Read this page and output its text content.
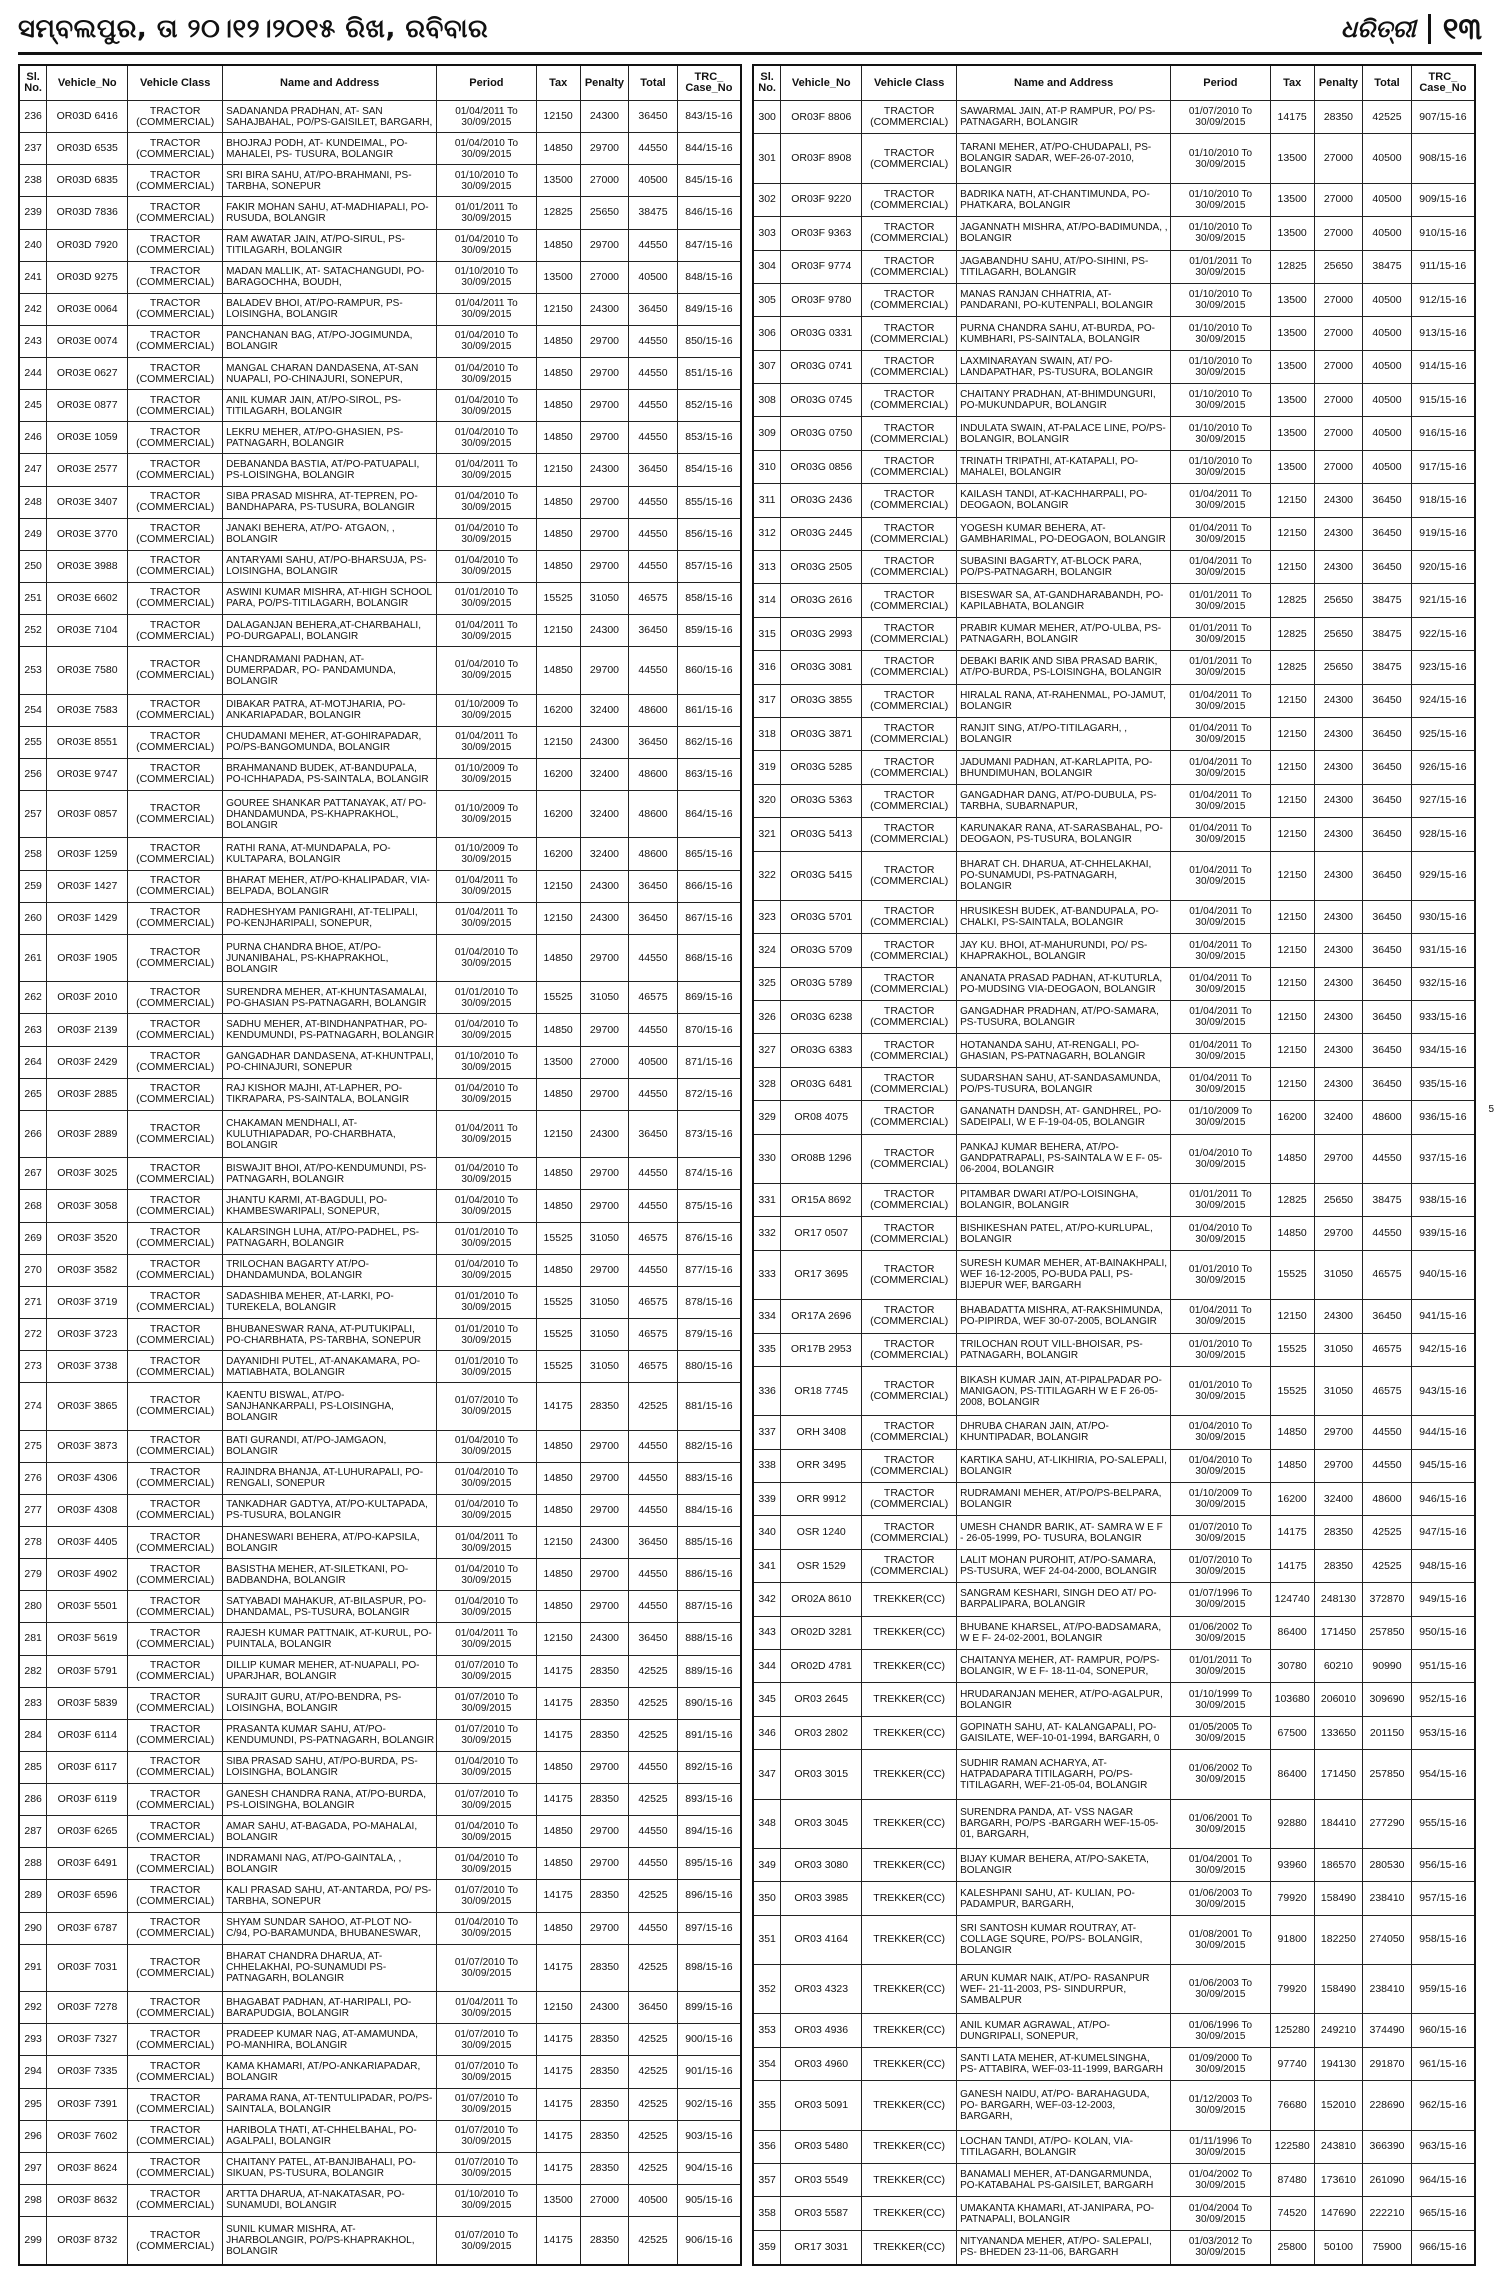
ସମ୍ବଲପୁର, ତା ୨୦।୧୨।୨୦୧୫ ରିଖ, ରବିବାର	ଧରିତ୍ରୀ ୧୩
Sl. No.	Vehicle_No	Vehicle Class	Name and Address	Period	Tax	Penalty	Total	TRC_ Case_No
236	OR03D 6416	TRACTOR (COMMERCIAL)	SADANANDA PRADHAN, AT- SAN SAHAJBAHAL, PO/PS-GAISILET, BARGARH,	01/04/2011 To 30/09/2015	12150	24300	36450	843/15-16
237	OR03D 6535	TRACTOR (COMMERCIAL)	BHOJRAJ PODH, AT- KUNDEIMAL, PO-MAHALEI, PS- TUSURA, BOLANGIR	01/04/2010 To 30/09/2015	14850	29700	44550	844/15-16
238	OR03D 6835	TRACTOR (COMMERCIAL)	SRI BIRA SAHU, AT/PO-BRAHMANI, PS-TARBHA, SONEPUR	01/10/2010 To 30/09/2015	13500	27000	40500	845/15-16
239	OR03D 7836	TRACTOR (COMMERCIAL)	FAKIR MOHAN SAHU, AT-MADHIAPALI, PO-RUSUDA, BOLANGIR	01/01/2011 To 30/09/2015	12825	25650	38475	846/15-16
240	OR03D 7920	TRACTOR (COMMERCIAL)	RAM AWATAR JAIN, AT/PO-SIRUL, PS-TITILAGARH, BOLANGIR	01/04/2010 To 30/09/2015	14850	29700	44550	847/15-16
241	OR03D 9275	TRACTOR (COMMERCIAL)	MADAN MALLIK, AT- SATACHANGUDI, PO- BARAGOCHHA, BOUDH,	01/10/2010 To 30/09/2015	13500	27000	40500	848/15-16
242	OR03E 0064	TRACTOR (COMMERCIAL)	BALADEV BHOI, AT/PO-RAMPUR, PS-LOISINGHA, BOLANGIR	01/04/2011 To 30/09/2015	12150	24300	36450	849/15-16
243	OR03E 0074	TRACTOR (COMMERCIAL)	PANCHANAN BAG, AT/PO-JOGIMUNDA, BOLANGIR	01/04/2010 To 30/09/2015	14850	29700	44550	850/15-16
244	OR03E 0627	TRACTOR (COMMERCIAL)	MANGAL CHARAN DANDASENA, AT-SAN NUAPALI, PO-CHINAJURI, SONEPUR,	01/04/2010 To 30/09/2015	14850	29700	44550	851/15-16
245	OR03E 0877	TRACTOR (COMMERCIAL)	ANIL KUMAR JAIN, AT/PO-SIROL, PS-TITILAGARH, BOLANGIR	01/04/2010 To 30/09/2015	14850	29700	44550	852/15-16
246	OR03E 1059	TRACTOR (COMMERCIAL)	LEKRU MEHER, AT/PO-GHASIEN, PS-PATNAGARH, BOLANGIR	01/04/2010 To 30/09/2015	14850	29700	44550	853/15-16
247	OR03E 2577	TRACTOR (COMMERCIAL)	DEBANANDA BASTIA, AT/PO-PATUAPALI, PS-LOISINGHA, BOLANGIR	01/04/2011 To 30/09/2015	12150	24300	36450	854/15-16
248	OR03E 3407	TRACTOR (COMMERCIAL)	SIBA PRASAD MISHRA, AT-TEPREN, PO-BANDHAPARA, PS-TUSURA, BOLANGIR	01/04/2010 To 30/09/2015	14850	29700	44550	855/15-16
249	OR03E 3770	TRACTOR (COMMERCIAL)	JANAKI BEHERA, AT/PO- ATGAON, , BOLANGIR	01/04/2010 To 30/09/2015	14850	29700	44550	856/15-16
250	OR03E 3988	TRACTOR (COMMERCIAL)	ANTARYAMI SAHU, AT/PO-BHARSUJA, PS-LOISINGHA, BOLANGIR	01/04/2010 To 30/09/2015	14850	29700	44550	857/15-16
251	OR03E 6602	TRACTOR (COMMERCIAL)	ASWINI KUMAR MISHRA, AT-HIGH SCHOOL PARA, PO/PS-TITILAGARH, BOLANGIR	01/01/2010 To 30/09/2015	15525	31050	46575	858/15-16
252	OR03E 7104	TRACTOR (COMMERCIAL)	DALAGANJAN BEHERA,AT-CHARBAHALI, PO-DURGAPALI, BOLANGIR	01/04/2011 To 30/09/2015	12150	24300	36450	859/15-16
253	OR03E 7580	TRACTOR (COMMERCIAL)	CHANDRAMANI PADHAN, AT-DUMERPADAR, PO- PANDAMUNDA, BOLANGIR	01/04/2010 To 30/09/2015	14850	29700	44550	860/15-16
254	OR03E 7583	TRACTOR (COMMERCIAL)	DIBAKAR PATRA, AT-MOTJHARIA, PO-ANKARIAPADAR, BOLANGIR	01/10/2009 To 30/09/2015	16200	32400	48600	861/15-16
255	OR03E 8551	TRACTOR (COMMERCIAL)	CHUDAMANI MEHER, AT-GOHIRAPADAR, PO/PS-BANGOMUNDA, BOLANGIR	01/04/2011 To 30/09/2015	12150	24300	36450	862/15-16
256	OR03E 9747	TRACTOR (COMMERCIAL)	BRAHMANAND BUDEK, AT-BANDUPALA, PO-ICHHAPADA, PS-SAINTALA, BOLANGIR	01/10/2009 To 30/09/2015	16200	32400	48600	863/15-16
257	OR03F 0857	TRACTOR (COMMERCIAL)	GOUREE SHANKAR PATTANAYAK, AT/ PO-DHANDAMUNDA, PS-KHAPRAKHOL, BOLANGIR	01/10/2009 To 30/09/2015	16200	32400	48600	864/15-16
258	OR03F 1259	TRACTOR (COMMERCIAL)	RATHI RANA, AT-MUNDAPALA, PO-KULTAPARA, BOLANGIR	01/10/2009 To 30/09/2015	16200	32400	48600	865/15-16
259	OR03F 1427	TRACTOR (COMMERCIAL)	BHARAT MEHER, AT/PO-KHALIPADAR, VIA-BELPADA, BOLANGIR	01/04/2011 To 30/09/2015	12150	24300	36450	866/15-16
260	OR03F 1429	TRACTOR (COMMERCIAL)	RADHESHYAM PANIGRAHI, AT-TELIPALI, PO-KENJHARIPALI, SONEPUR,	01/04/2011 To 30/09/2015	12150	24300	36450	867/15-16
261	OR03F 1905	TRACTOR (COMMERCIAL)	PURNA CHANDRA BHOE, AT/PO-JUNANIBAHAL, PS-KHAPRAKHOL, BOLANGIR	01/04/2010 To 30/09/2015	14850	29700	44550	868/15-16
262	OR03F 2010	TRACTOR (COMMERCIAL)	SURENDRA MEHER, AT-KHUNTASAMALAI, PO-GHASIAN PS-PATNAGARH, BOLANGIR	01/01/2010 To 30/09/2015	15525	31050	46575	869/15-16
263	OR03F 2139	TRACTOR (COMMERCIAL)	SADHU MEHER, AT-BINDHANPATHAR, PO-KENDUMUNDI, PS-PATNAGARH, BOLANGIR	01/04/2010 To 30/09/2015	14850	29700	44550	870/15-16
264	OR03F 2429	TRACTOR (COMMERCIAL)	GANGADHAR DANDASENA, AT-KHUNTPALI, PO-CHINAJURI, SONEPUR	01/10/2010 To 30/09/2015	13500	27000	40500	871/15-16
265	OR03F 2885	TRACTOR (COMMERCIAL)	RAJ KISHOR MAJHI, AT-LAPHER, PO-TIKRAPARA, PS-SAINTALA, BOLANGIR	01/04/2010 To 30/09/2015	14850	29700	44550	872/15-16
266	OR03F 2889	TRACTOR (COMMERCIAL)	CHAKAMAN MENDHALI, AT-KULUTHIAPADAR, PO-CHARBHATA, BOLANGIR	01/04/2011 To 30/09/2015	12150	24300	36450	873/15-16
267	OR03F 3025	TRACTOR (COMMERCIAL)	BISWAJIT BHOI, AT/PO-KENDUMUNDI, PS-PATNAGARH, BOLANGIR	01/04/2010 To 30/09/2015	14850	29700	44550	874/15-16
268	OR03F 3058	TRACTOR (COMMERCIAL)	JHANTU KARMI, AT-BAGDULI, PO-KHAMBESWARIPALI, SONEPUR,	01/04/2010 To 30/09/2015	14850	29700	44550	875/15-16
269	OR03F 3520	TRACTOR (COMMERCIAL)	KALARSINGH LUHA, AT/PO-PADHEL, PS-PATNAGARH, BOLANGIR	01/01/2010 To 30/09/2015	15525	31050	46575	876/15-16
270	OR03F 3582	TRACTOR (COMMERCIAL)	TRILOCHAN BAGARTY AT/PO-DHANDAMUNDA, BOLANGIR	01/04/2010 To 30/09/2015	14850	29700	44550	877/15-16
271	OR03F 3719	TRACTOR (COMMERCIAL)	SADASHIBA MEHER, AT-LARKI, PO-TUREKELA, BOLANGIR	01/01/2010 To 30/09/2015	15525	31050	46575	878/15-16
272	OR03F 3723	TRACTOR (COMMERCIAL)	BHUBANESWAR RANA, AT-PUTUKIPALI, PO-CHARBHATA, PS-TARBHA, SONEPUR	01/01/2010 To 30/09/2015	15525	31050	46575	879/15-16
273	OR03F 3738	TRACTOR (COMMERCIAL)	DAYANIDHI PUTEL, AT-ANAKAMARA, PO-MATIABHATA, BOLANGIR	01/01/2010 To 30/09/2015	15525	31050	46575	880/15-16
274	OR03F 3865	TRACTOR (COMMERCIAL)	KAENTU BISWAL, AT/PO-SANJHANKARPALI, PS-LOISINGHA, BOLANGIR	01/07/2010 To 30/09/2015	14175	28350	42525	881/15-16
275	OR03F 3873	TRACTOR (COMMERCIAL)	BATI GURANDI, AT/PO-JAMGAON, BOLANGIR	01/04/2010 To 30/09/2015	14850	29700	44550	882/15-16
276	OR03F 4306	TRACTOR (COMMERCIAL)	RAJINDRA BHANJA, AT-LUHURAPALI, PO-RENGALI, SONEPUR	01/04/2010 To 30/09/2015	14850	29700	44550	883/15-16
277	OR03F 4308	TRACTOR (COMMERCIAL)	TANKADHAR GADTYA, AT/PO-KULTAPADA, PS-TUSURA, BOLANGIR	01/04/2010 To 30/09/2015	14850	29700	44550	884/15-16
278	OR03F 4405	TRACTOR (COMMERCIAL)	DHANESWARI BEHERA, AT/PO-KAPSILA, BOLANGIR	01/04/2011 To 30/09/2015	12150	24300	36450	885/15-16
279	OR03F 4902	TRACTOR (COMMERCIAL)	BASISTHA MEHER, AT-SILETKANI, PO-BADBANDHA, BOLANGIR	01/04/2010 To 30/09/2015	14850	29700	44550	886/15-16
280	OR03F 5501	TRACTOR (COMMERCIAL)	SATYABADI MAHAKUR, AT-BILASPUR, PO-DHANDAMAL, PS-TUSURA, BOLANGIR	01/04/2010 To 30/09/2015	14850	29700	44550	887/15-16
281	OR03F 5619	TRACTOR (COMMERCIAL)	RAJESH KUMAR PATTNAIK, AT-KURUL, PO-PUINTALA, BOLANGIR	01/04/2011 To 30/09/2015	12150	24300	36450	888/15-16
282	OR03F 5791	TRACTOR (COMMERCIAL)	DILLIP KUMAR MEHER, AT-NUAPALI, PO-UPARJHAR, BOLANGIR	01/07/2010 To 30/09/2015	14175	28350	42525	889/15-16
283	OR03F 5839	TRACTOR (COMMERCIAL)	SURAJIT GURU, AT/PO-BENDRA, PS-LOISINGHA, BOLANGIR	01/07/2010 To 30/09/2015	14175	28350	42525	890/15-16
284	OR03F 6114	TRACTOR (COMMERCIAL)	PRASANTA KUMAR SAHU, AT/PO-KENDUMUNDI, PS-PATNAGARH, BOLANGIR	01/07/2010 To 30/09/2015	14175	28350	42525	891/15-16
285	OR03F 6117	TRACTOR (COMMERCIAL)	SIBA PRASAD SAHU, AT/PO-BURDA, PS-LOISINGHA, BOLANGIR	01/04/2010 To 30/09/2015	14850	29700	44550	892/15-16
286	OR03F 6119	TRACTOR (COMMERCIAL)	GANESH CHANDRA RANA, AT/PO-BURDA, PS-LOISINGHA, BOLANGIR	01/07/2010 To 30/09/2015	14175	28350	42525	893/15-16
287	OR03F 6265	TRACTOR (COMMERCIAL)	AMAR SAHU, AT-BAGADA, PO-MAHALAI, BOLANGIR	01/04/2010 To 30/09/2015	14850	29700	44550	894/15-16
288	OR03F 6491	TRACTOR (COMMERCIAL)	INDRAMANI NAG, AT/PO-GAINTALA, , BOLANGIR	01/04/2010 To 30/09/2015	14850	29700	44550	895/15-16
289	OR03F 6596	TRACTOR (COMMERCIAL)	KALI PRASAD SAHU, AT-ANTARDA, PO/ PS-TARBHA, SONEPUR	01/07/2010 To 30/09/2015	14175	28350	42525	896/15-16
290	OR03F 6787	TRACTOR (COMMERCIAL)	SHYAM SUNDAR SAHOO, AT-PLOT NO-C/94, PO-BARAMUNDA, BHUBANESWAR,	01/04/2010 To 30/09/2015	14850	29700	44550	897/15-16
291	OR03F 7031	TRACTOR (COMMERCIAL)	BHARAT CHANDRA DHARUA, AT-CHHELAKHAI, PO-SUNAMUDI PS-PATNAGARH, BOLANGIR	01/07/2010 To 30/09/2015	14175	28350	42525	898/15-16
292	OR03F 7278	TRACTOR (COMMERCIAL)	BHAGABAT PADHAN, AT-HARIPALI, PO-BARAPUDGIA, BOLANGIR	01/04/2011 To 30/09/2015	12150	24300	36450	899/15-16
293	OR03F 7327	TRACTOR (COMMERCIAL)	PRADEEP KUMAR NAG, AT-AMAMUNDA, PO-MANHIRA, BOLANGIR	01/07/2010 To 30/09/2015	14175	28350	42525	900/15-16
294	OR03F 7335	TRACTOR (COMMERCIAL)	KAMA KHAMARI, AT/PO-ANKARIAPADAR, BOLANGIR	01/07/2010 To 30/09/2015	14175	28350	42525	901/15-16
295	OR03F 7391	TRACTOR (COMMERCIAL)	PARAMA RANA, AT-TENTULIPADAR, PO/PS-SAINTALA, BOLANGIR	01/07/2010 To 30/09/2015	14175	28350	42525	902/15-16
296	OR03F 7602	TRACTOR (COMMERCIAL)	HARIBOLA THATI, AT-CHHELBAHAL, PO-AGALPALI, BOLANGIR	01/07/2010 To 30/09/2015	14175	28350	42525	903/15-16
297	OR03F 8624	TRACTOR (COMMERCIAL)	CHAITANY PATEL, AT-BANJIBAHALI, PO-SIKUAN, PS-TUSURA, BOLANGIR	01/07/2010 To 30/09/2015	14175	28350	42525	904/15-16
298	OR03F 8632	TRACTOR (COMMERCIAL)	ARTTA DHARUA, AT-NAKATASAR, PO-SUNAMUDI, BOLANGIR	01/10/2010 To 30/09/2015	13500	27000	40500	905/15-16
299	OR03F 8732	TRACTOR (COMMERCIAL)	SUNIL KUMAR MISHRA, AT-JHARBOLANGIR, PO/PS-KHAPRAKHOL, BOLANGIR	01/07/2010 To 30/09/2015	14175	28350	42525	906/15-16
Sl. No.	Vehicle_No	Vehicle Class	Name and Address	Period	Tax	Penalty	Total	TRC_ Case_No
300	OR03F 8806	TRACTOR (COMMERCIAL)	SAWARMAL JAIN, AT-P RAMPUR, PO/ PS-PATNAGARH, BOLANGIR	01/07/2010 To 30/09/2015	14175	28350	42525	907/15-16
301	OR03F 8908	TRACTOR (COMMERCIAL)	TARANI MEHER, AT/PO-CHUDAPALI, PS-BOLANGIR SADAR, WEF-26-07-2010, BOLANGIR	01/10/2010 To 30/09/2015	13500	27000	40500	908/15-16
302	OR03F 9220	TRACTOR (COMMERCIAL)	BADRIKA NATH, AT-CHANTIMUNDA, PO-PHATKARA, BOLANGIR	01/10/2010 To 30/09/2015	13500	27000	40500	909/15-16
303	OR03F 9363	TRACTOR (COMMERCIAL)	JAGANNATH MISHRA, AT/PO-BADIMUNDA, , BOLANGIR	01/10/2010 To 30/09/2015	13500	27000	40500	910/15-16
304	OR03F 9774	TRACTOR (COMMERCIAL)	JAGABANDHU SAHU, AT/PO-SIHINI, PS-TITILAGARH, BOLANGIR	01/01/2011 To 30/09/2015	12825	25650	38475	911/15-16
305	OR03F 9780	TRACTOR (COMMERCIAL)	MANAS RANJAN CHHATRIA, AT-PANDARANI, PO-KUTENPALI, BOLANGIR	01/10/2010 To 30/09/2015	13500	27000	40500	912/15-16
306	OR03G 0331	TRACTOR (COMMERCIAL)	PURNA CHANDRA SAHU, AT-BURDA, PO-KUMBHARI, PS-SAINTALA, BOLANGIR	01/10/2010 To 30/09/2015	13500	27000	40500	913/15-16
307	OR03G 0741	TRACTOR (COMMERCIAL)	LAXMINARAYAN SWAIN, AT/ PO-LANDAPATHAR, PS-TUSURA, BOLANGIR	01/10/2010 To 30/09/2015	13500	27000	40500	914/15-16
308	OR03G 0745	TRACTOR (COMMERCIAL)	CHAITANY PRADHAN, AT-BHIMDUNGURI, PO-MUKUNDAPUR, BOLANGIR	01/10/2010 To 30/09/2015	13500	27000	40500	915/15-16
309	OR03G 0750	TRACTOR (COMMERCIAL)	INDULATA SWAIN, AT-PALACE LINE, PO/PS-BOLANGIR, BOLANGIR	01/10/2010 To 30/09/2015	13500	27000	40500	916/15-16
310	OR03G 0856	TRACTOR (COMMERCIAL)	TRINATH TRIPATHI, AT-KATAPALI, PO-MAHALEI, BOLANGIR	01/10/2010 To 30/09/2015	13500	27000	40500	917/15-16
311	OR03G 2436	TRACTOR (COMMERCIAL)	KAILASH TANDI, AT-KACHHARPALI, PO-DEOGAON, BOLANGIR	01/04/2011 To 30/09/2015	12150	24300	36450	918/15-16
312	OR03G 2445	TRACTOR (COMMERCIAL)	YOGESH KUMAR BEHERA, AT-GAMBHARIMAL, PO-DEOGAON, BOLANGIR	01/04/2011 To 30/09/2015	12150	24300	36450	919/15-16
313	OR03G 2505	TRACTOR (COMMERCIAL)	SUBASINI BAGARTY, AT-BLOCK PARA, PO/PS-PATNAGARH, BOLANGIR	01/04/2011 To 30/09/2015	12150	24300	36450	920/15-16
314	OR03G 2616	TRACTOR (COMMERCIAL)	BISESWAR SA, AT-GANDHARABANDH, PO-KAPILABHATA, BOLANGIR	01/01/2011 To 30/09/2015	12825	25650	38475	921/15-16
315	OR03G 2993	TRACTOR (COMMERCIAL)	PRABIR KUMAR MEHER, AT/PO-ULBA, PS-PATNAGARH, BOLANGIR	01/01/2011 To 30/09/2015	12825	25650	38475	922/15-16
316	OR03G 3081	TRACTOR (COMMERCIAL)	DEBAKI BARIK AND SIBA PRASAD BARIK, AT/PO-BURDA, PS-LOISINGHA, BOLANGIR	01/01/2011 To 30/09/2015	12825	25650	38475	923/15-16
317	OR03G 3855	TRACTOR (COMMERCIAL)	HIRALAL RANA, AT-RAHENMAL, PO-JAMUT, BOLANGIR	01/04/2011 To 30/09/2015	12150	24300	36450	924/15-16
318	OR03G 3871	TRACTOR (COMMERCIAL)	RANJIT SING, AT/PO-TITILAGARH, , BOLANGIR	01/04/2011 To 30/09/2015	12150	24300	36450	925/15-16
319	OR03G 5285	TRACTOR (COMMERCIAL)	JADUMANI PADHAN, AT-KARLAPITA, PO-BHUNDIMUHAN, BOLANGIR	01/04/2011 To 30/09/2015	12150	24300	36450	926/15-16
320	OR03G 5363	TRACTOR (COMMERCIAL)	GANGADHAR DANG, AT/PO-DUBULA, PS-TARBHA, SUBARNAPUR,	01/04/2011 To 30/09/2015	12150	24300	36450	927/15-16
321	OR03G 5413	TRACTOR (COMMERCIAL)	KARUNAKAR RANA, AT-SARASBAHAL, PO-DEOGAON, PS-TUSURA, BOLANGIR	01/04/2011 To 30/09/2015	12150	24300	36450	928/15-16
322	OR03G 5415	TRACTOR (COMMERCIAL)	BHARAT CH. DHARUA, AT-CHHELAKHAI, PO-SUNAMUDI, PS-PATNAGARH, BOLANGIR	01/04/2011 To 30/09/2015	12150	24300	36450	929/15-16
323	OR03G 5701	TRACTOR (COMMERCIAL)	HRUSIKESH BUDEK, AT-BANDUPALA, PO-CHALKI, PS-SAINTALA, BOLANGIR	01/04/2011 To 30/09/2015	12150	24300	36450	930/15-16
324	OR03G 5709	TRACTOR (COMMERCIAL)	JAY KU. BHOI, AT-MAHURUNDI, PO/ PS-KHAPRAKHOL, BOLANGIR	01/04/2011 To 30/09/2015	12150	24300	36450	931/15-16
325	OR03G 5789	TRACTOR (COMMERCIAL)	ANANATA PRASAD PADHAN, AT-KUTURLA, PO-MUDSING VIA-DEOGAON, BOLANGIR	01/04/2011 To 30/09/2015	12150	24300	36450	932/15-16
326	OR03G 6238	TRACTOR (COMMERCIAL)	GANGADHAR PRADHAN, AT/PO-SAMARA, PS-TUSURA, BOLANGIR	01/04/2011 To 30/09/2015	12150	24300	36450	933/15-16
327	OR03G 6383	TRACTOR (COMMERCIAL)	HOTANANDA SAHU, AT-RENGALI, PO-GHASIAN, PS-PATNAGARH, BOLANGIR	01/04/2011 To 30/09/2015	12150	24300	36450	934/15-16
328	OR03G 6481	TRACTOR (COMMERCIAL)	SUDARSHAN SAHU, AT-SANDASAMUNDA, PO/PS-TUSURA, BOLANGIR	01/04/2011 To 30/09/2015	12150	24300	36450	935/15-16
329	OR08 4075	TRACTOR (COMMERCIAL)	GANANATH DANDSH, AT- GANDHREL, PO- SADEIPALI, W E F-19-04-05, BOLANGIR	01/10/2009 To 30/09/2015	16200	32400	48600	936/15-16
330	OR08B 1296	TRACTOR (COMMERCIAL)	PANKAJ KUMAR BEHERA, AT/PO-GANDPATRAPALI, PS-SAINTALA W E F- 05-06-2004, BOLANGIR	01/04/2010 To 30/09/2015	14850	29700	44550	937/15-16
331	OR15A 8692	TRACTOR (COMMERCIAL)	PITAMBAR DWARI AT/PO-LOISINGHA, BOLANGIR, BOLANGIR	01/01/2011 To 30/09/2015	12825	25650	38475	938/15-16
332	OR17 0507	TRACTOR (COMMERCIAL)	BISHIKESHAN PATEL, AT/PO-KURLUPAL, BOLANGIR	01/04/2010 To 30/09/2015	14850	29700	44550	939/15-16
333	OR17 3695	TRACTOR (COMMERCIAL)	SURESH KUMAR MEHER, AT-BAINAKHPALI, WEF 16-12-2005, PO-BUDA PALI, PS-BIJEPUR WEF, BARGARH	01/01/2010 To 30/09/2015	15525	31050	46575	940/15-16
334	OR17A 2696	TRACTOR (COMMERCIAL)	BHABADATTA MISHRA, AT-RAKSHIMUNDA, PO-PIPIRDA, WEF 30-07-2005, BOLANGIR	01/04/2011 To 30/09/2015	12150	24300	36450	941/15-16
335	OR17B 2953	TRACTOR (COMMERCIAL)	TRILOCHAN ROUT VILL-BHOISAR, PS-PATNAGARH, BOLANGIR	01/01/2010 To 30/09/2015	15525	31050	46575	942/15-16
336	OR18 7745	TRACTOR (COMMERCIAL)	BIKASH KUMAR JAIN, AT-PIPALPADAR PO-MANIGAON, PS-TITILAGARH W E F 26-05-2008, BOLANGIR	01/01/2010 To 30/09/2015	15525	31050	46575	943/15-16
337	ORH 3408	TRACTOR (COMMERCIAL)	DHRUBA CHARAN JAIN, AT/PO-KHUNTIPADAR, BOLANGIR	01/04/2010 To 30/09/2015	14850	29700	44550	944/15-16
338	ORR 3495	TRACTOR (COMMERCIAL)	KARTIKA SAHU, AT-LIKHIRIA, PO-SALEPALI, BOLANGIR	01/04/2010 To 30/09/2015	14850	29700	44550	945/15-16
339	ORR 9912	TRACTOR (COMMERCIAL)	RUDRAMANI MEHER, AT/PO/PS-BELPARA, BOLANGIR	01/10/2009 To 30/09/2015	16200	32400	48600	946/15-16
340	OSR 1240	TRACTOR (COMMERCIAL)	UMESH CHANDR BARIK, AT- SAMRA W E F - 26-05-1999, PO- TUSURA, BOLANGIR	01/07/2010 To 30/09/2015	14175	28350	42525	947/15-16
341	OSR 1529	TRACTOR (COMMERCIAL)	LALIT MOHAN PUROHIT, AT/PO-SAMARA, PS-TUSURA, WEF 24-04-2000, BOLANGIR	01/07/2010 To 30/09/2015	14175	28350	42525	948/15-16
342	OR02A 8610	TREKKER(CC)	SANGRAM KESHARI, SINGH DEO AT/ PO- BARPALIPARA, BOLANGIR	01/07/1996 To 30/09/2015	124740	248130	372870	949/15-16
343	OR02D 3281	TREKKER(CC)	BHUBANE KHARSEL, AT/PO-BADSAMARA, W E F- 24-02-2001, BOLANGIR	01/06/2002 To 30/09/2015	86400	171450	257850	950/15-16
344	OR02D 4781	TREKKER(CC)	CHAITANYA MEHER, AT- RAMPUR, PO/PS- BOLANGIR, W E F- 18-11-04, SONEPUR,	01/01/2011 To 30/09/2015	30780	60210	90990	951/15-16
345	OR03 2645	TREKKER(CC)	HRUDARANJAN MEHER, AT/PO-AGALPUR, BOLANGIR	01/10/1999 To 30/09/2015	103680	206010	309690	952/15-16
346	OR03 2802	TREKKER(CC)	GOPINATH SAHU, AT- KALANGAPALI, PO- GAISILATE, WEF-10-01-1994, BARGARH, 0	01/05/2005 To 30/09/2015	67500	133650	201150	953/15-16
347	OR03 3015	TREKKER(CC)	SUDHIR RAMAN ACHARYA, AT-HATPADAPARA TITILAGARH, PO/PS-TITILAGARH, WEF-21-05-04, BOLANGIR	01/06/2002 To 30/09/2015	86400	171450	257850	954/15-16
348	OR03 3045	TREKKER(CC)	SURENDRA PANDA, AT- VSS NAGAR BARGARH, PO/PS -BARGARH WEF-15-05-01, BARGARH,	01/06/2001 To 30/09/2015	92880	184410	277290	955/15-16
349	OR03 3080	TREKKER(CC)	BIJAY KUMAR BEHERA, AT/PO-SAKETA, BOLANGIR	01/04/2001 To 30/09/2015	93960	186570	280530	956/15-16
350	OR03 3985	TREKKER(CC)	KALESHPANI SAHU, AT- KULIAN, PO-PADAMPUR, BARGARH,	01/06/2003 To 30/09/2015	79920	158490	238410	957/15-16
351	OR03 4164	TREKKER(CC)	SRI SANTOSH KUMAR ROUTRAY, AT-COLLAGE SQURE, PO/PS- BOLANGIR, BOLANGIR	01/08/2001 To 30/09/2015	91800	182250	274050	958/15-16
352	OR03 4323	TREKKER(CC)	ARUN KUMAR NAIK, AT/PO- RASANPUR WEF- 21-11-2003, PS- SINDURPUR, SAMBALPUR	01/06/2003 To 30/09/2015	79920	158490	238410	959/15-16
353	OR03 4936	TREKKER(CC)	ANIL KUMAR AGRAWAL, AT/PO-DUNGRIPALI, SONEPUR,	01/06/1996 To 30/09/2015	125280	249210	374490	960/15-16
354	OR03 4960	TREKKER(CC)	SANTI LATA MEHER, AT-KUMELSINGHA, PS- ATTABIRA, WEF-03-11-1999, BARGARH	01/09/2000 To 30/09/2015	97740	194130	291870	961/15-16
355	OR03 5091	TREKKER(CC)	GANESH NAIDU, AT/PO- BARAHAGUDA, PO- BARGARH, WEF-03-12-2003, BARGARH,	01/12/2003 To 30/09/2015	76680	152010	228690	962/15-16
356	OR03 5480	TREKKER(CC)	LOCHAN TANDI, AT/PO- KOLAN, VIA-TITILAGARH, BOLANGIR	01/11/1996 To 30/09/2015	122580	243810	366390	963/15-16
357	OR03 5549	TREKKER(CC)	BANAMALI MEHER, AT-DANGARMUNDA, PO-KATABAHAL PS-GAISILET, BARGARH	01/04/2002 To 30/09/2015	87480	173610	261090	964/15-16
358	OR03 5587	TREKKER(CC)	UMAKANTA KHAMARI, AT-JANIPARA, PO- PATNAPALI, BOLANGIR	01/04/2004 To 30/09/2015	74520	147690	222210	965/15-16
359	OR17 3031	TREKKER(CC)	NITYANANDA MEHER, AT/PO- SALEPALI, PS- BHEDEN 23-11-06, BARGARH	01/03/2012 To 30/09/2015	25800	50100	75900	966/15-16
5
